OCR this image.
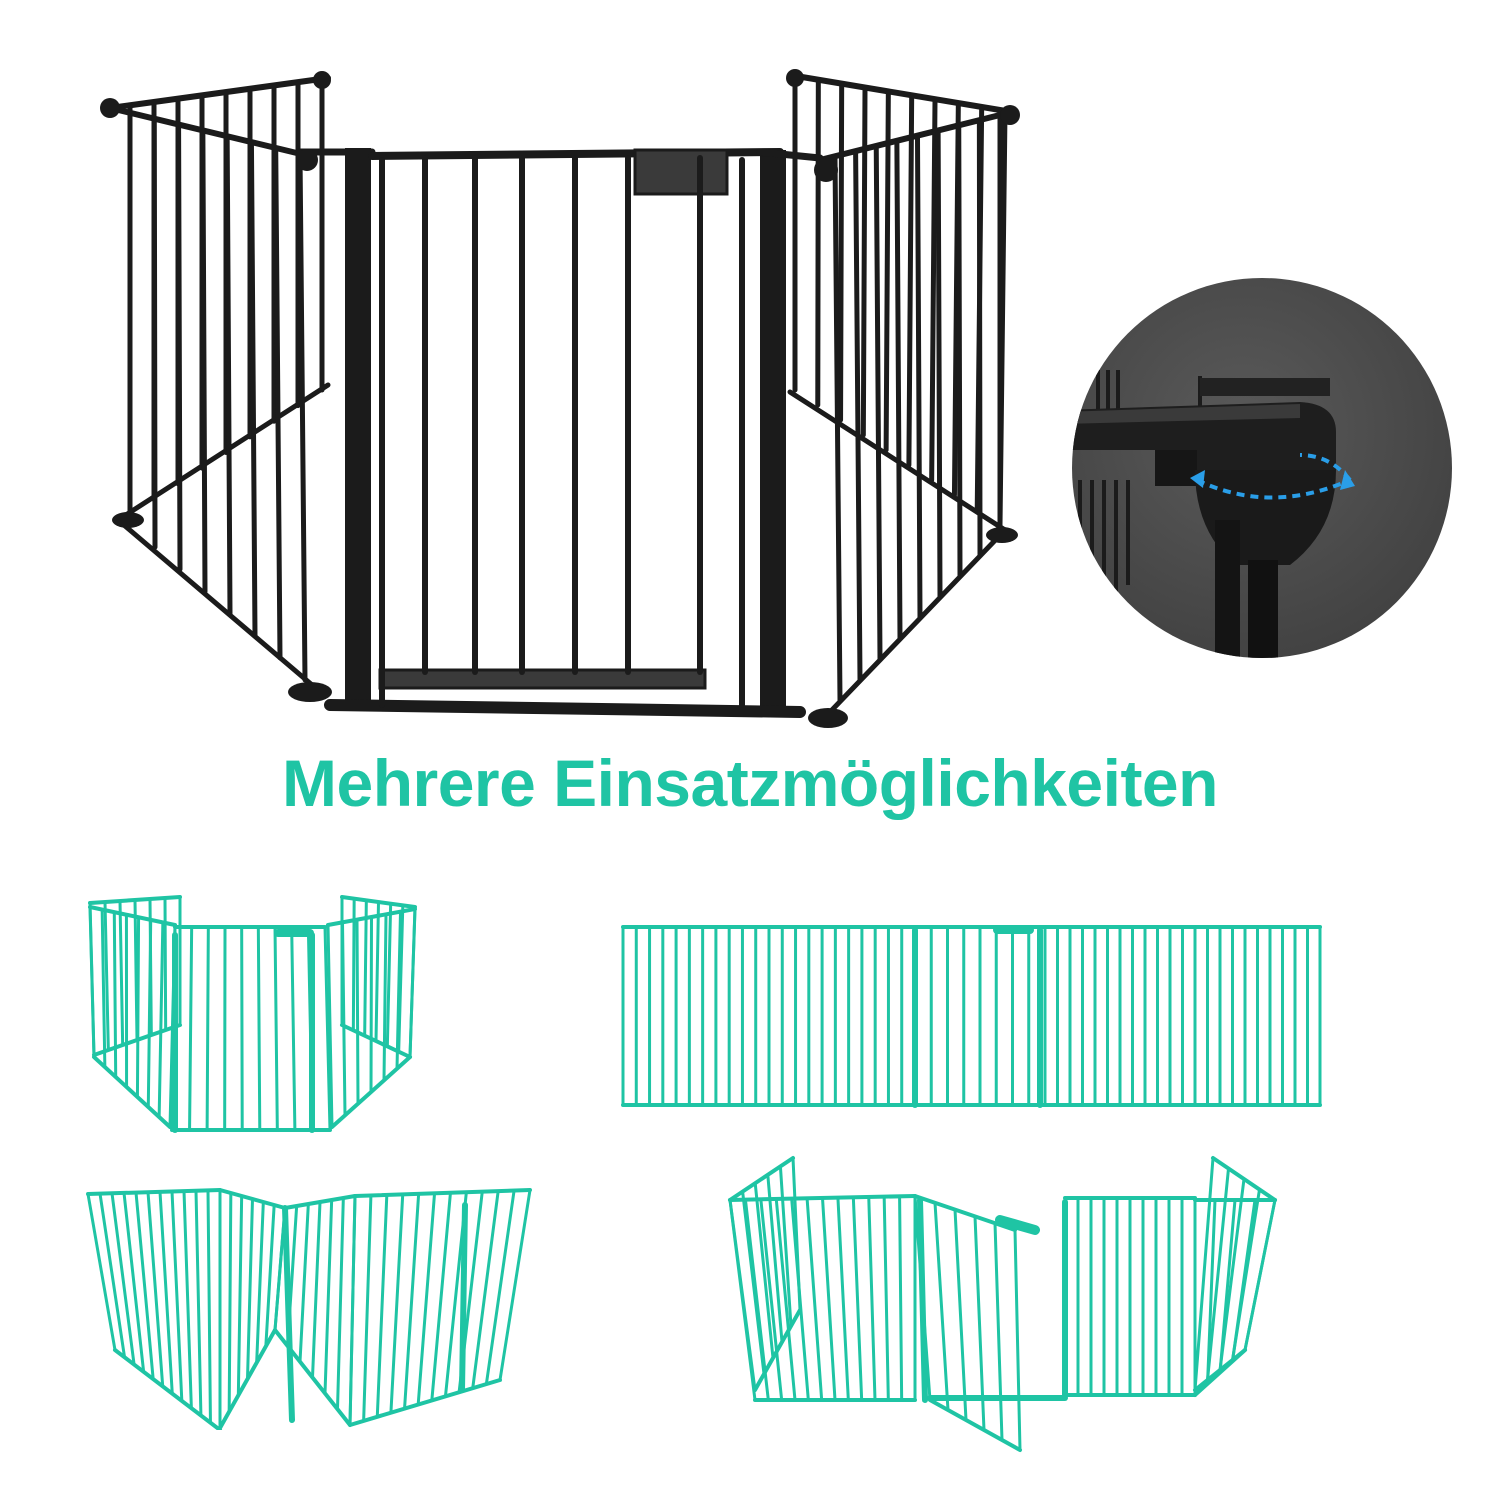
Mehrere Einsatzmöglichkeiten
